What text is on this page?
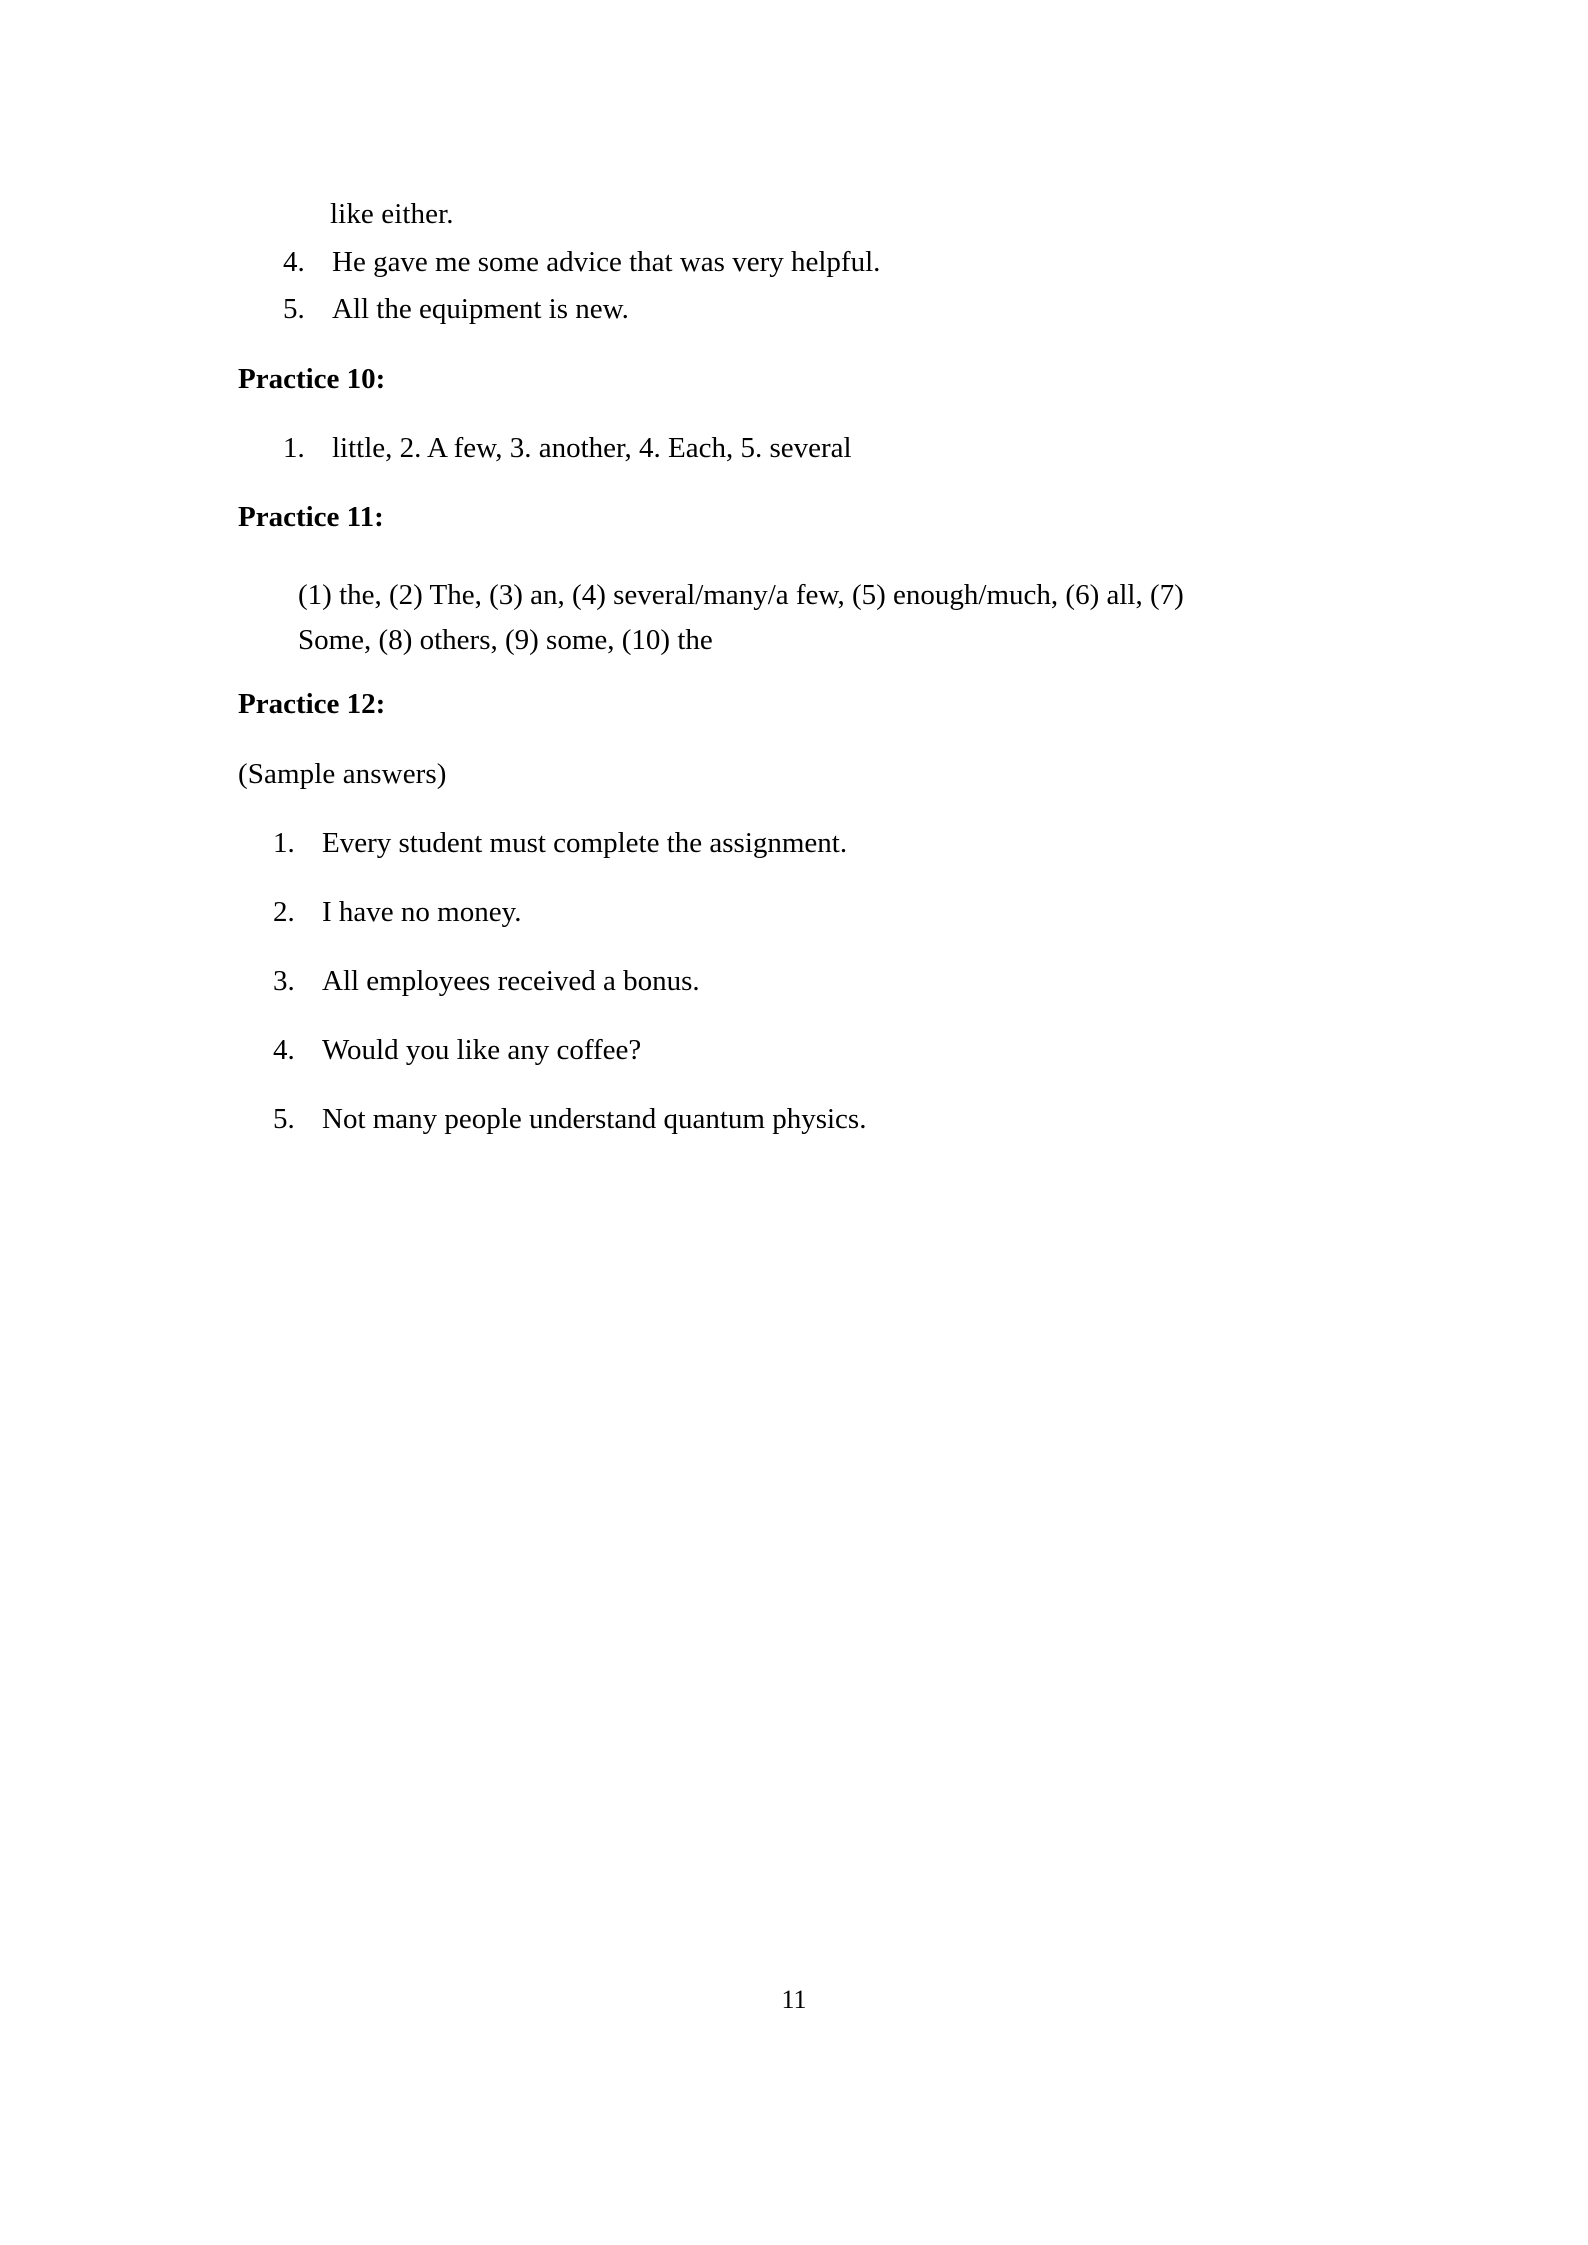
like either.
4. He gave me some advice that was very helpful.
5. All the equipment is new.
Practice 10:
1. little, 2. A few, 3. another, 4. Each, 5. several
Practice 11:
(1) the, (2) The, (3) an, (4) several/many/a few, (5) enough/much, (6) all, (7)
Some, (8) others, (9) some, (10) the
Practice 12:
(Sample answers)
1. Every student must complete the assignment.
2. I have no money.
3. All employees received a bonus.
4. Would you like any coffee?
5. Not many people understand quantum physics.
11
